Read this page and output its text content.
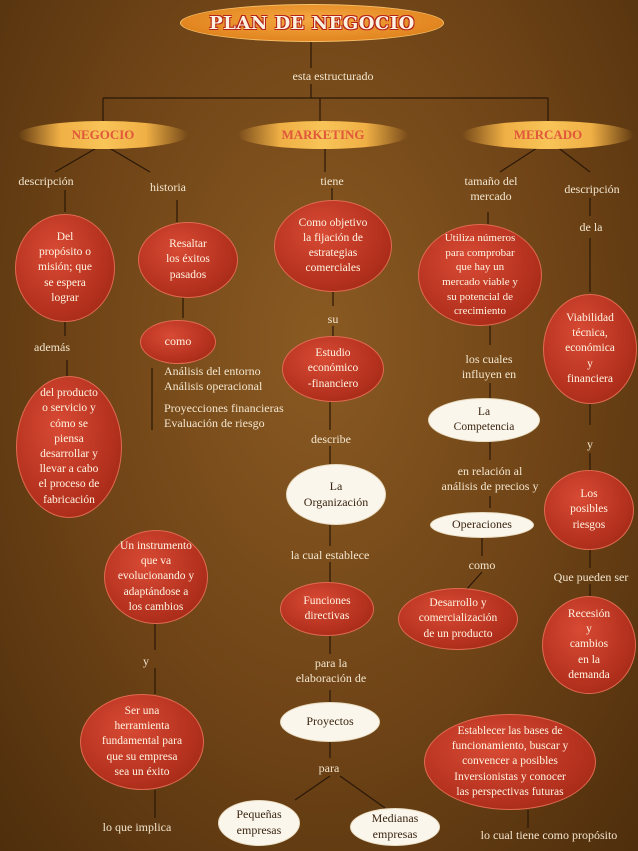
PLAN DE NEGOCIO
esta estructurado
NEGOCIO	MARKETING	MERCADO
descripción	historia	tiene	tamaño del
mercado	descripción
Del
propósito o
misión; que
se espera
lograr
Resaltar
los éxitos
pasados
Como objetivo
la fijación de
estrategias
comerciales
Utiliza números
para comprobar
que hay un
mercado viable y
su potencial de
crecimiento
de la
Viabilidad
técnica,
económica
y
financiera
además	como
su
Estudio
económico
-financiero
los cuales
influyen en
Análisis del entorno
Análisis operacional
Proyecciones financieras
Evaluación de riesgo
del producto
o servicio y
cómo se
piensa
desarrollar y
llevar a cabo
el proceso de
fabricación
La
Competencia
describe	y
en relación al
análisis de precios y
La
Organización
Los
posibles
riesgos
Operaciones
Un instrumento
que va
evolucionando y
adaptándose a
los cambios
la cual establece
como
Que pueden ser
Funciones
directivas
Desarrollo y
comercialización
de un producto
Recesión
y
cambios
en la
demanda
y	para la
elaboración de
Ser una
herramienta
fundamental para
que su empresa
sea un éxito
Proyectos
Establecer las bases de
funcionamiento, buscar y
convencer a posibles
Inversionistas y conocer
las perspectivas futuras
para
Pequeñas
empresas
Medianas
empresas
lo que implica
lo cual tiene como propósito
